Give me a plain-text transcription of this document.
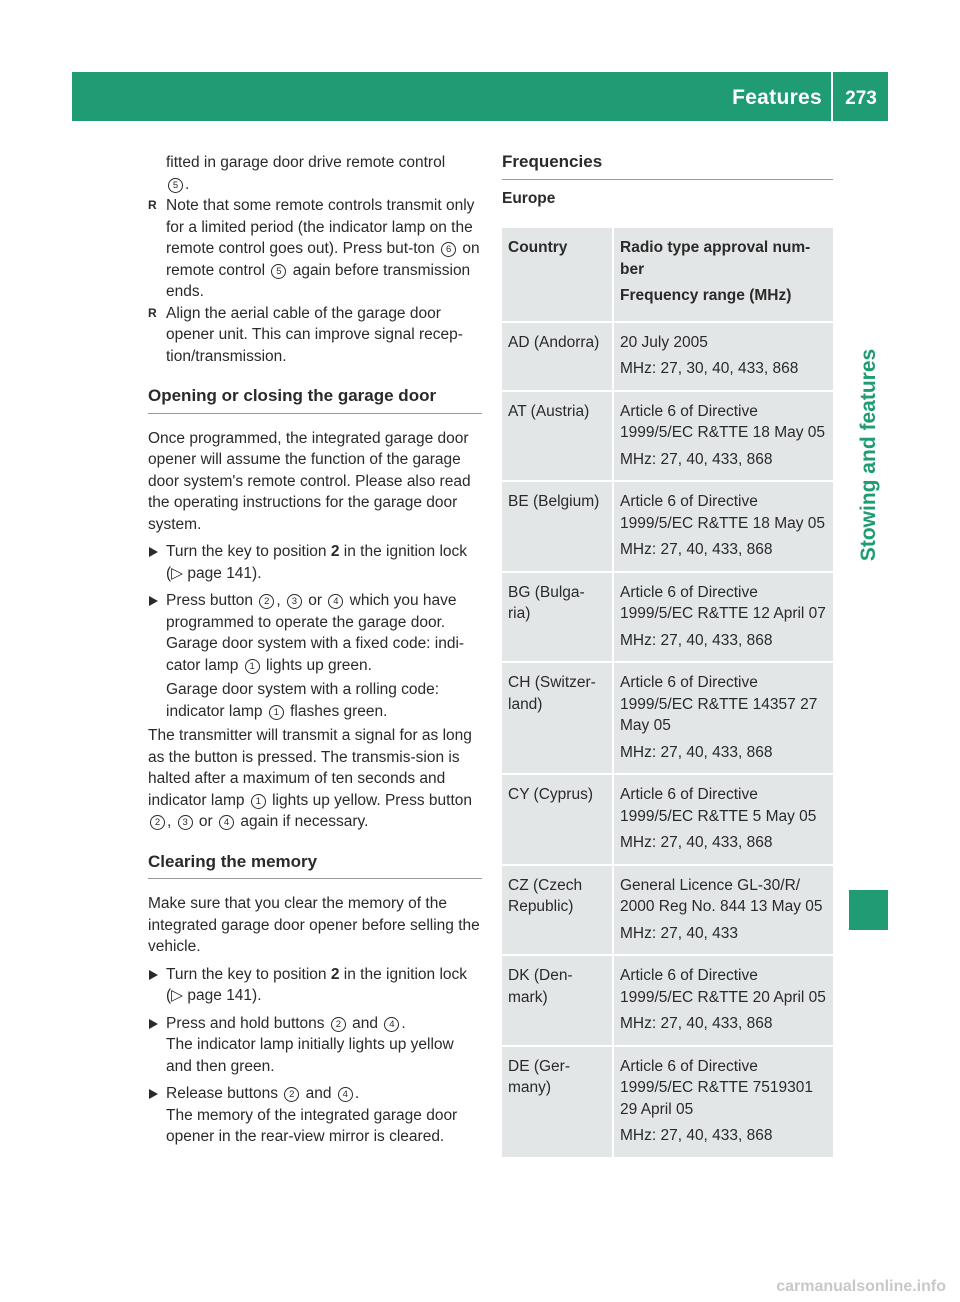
Features	273
Stowing and features

fitted in garage door drive remote control
5 .

R Note that some remote controls transmit only for a limited period (the indicator lamp on the remote control goes out). Press but-ton 6 on remote control 5 again before transmission ends.

R Align the aerial cable of the garage door opener unit. This can improve signal recep-tion/transmission.

Opening or closing the garage door

Once programmed, the integrated garage door opener will assume the function of the garage door system's remote control. Please also read the operating instructions for the garage door system.

Turn the key to position 2 in the ignition lock (▷ page 141).

Press button 2 , 3 or 4 which you have programmed to operate the garage door.

Garage door system with a fixed code: indi-cator lamp 1 lights up green.

Garage door system with a rolling code: indicator lamp 1 flashes green.

The transmitter will transmit a signal for as long as the button is pressed. The transmis-sion is halted after a maximum of ten seconds and indicator lamp 1 lights up yellow. Press button 2 , 3 or 4 again if necessary.

Clearing the memory

Make sure that you clear the memory of the integrated garage door opener before selling the vehicle.

Turn the key to position 2 in the ignition lock (▷ page 141).

Press and hold buttons 2 and 4 .
The indicator lamp initially lights up yellow and then green.

Release buttons 2 and 4 .
The memory of the integrated garage door opener in the rear-view mirror is cleared.

Frequencies
Europe
Country	Radio type approval num-ber
Frequency range (MHz)

AD (Andorra)	20 July 2005
MHz: 27, 30, 40, 433, 868

AT (Austria)	Article 6 of Directive 1999/5/EC R&TTE 18 May 05
MHz: 27, 40, 433, 868

BE (Belgium)	Article 6 of Directive 1999/5/EC R&TTE 18 May 05
MHz: 27, 40, 433, 868

BG (Bulga-ria)	Article 6 of Directive 1999/5/EC R&TTE 12 April 07
MHz: 27, 40, 433, 868

CH (Switzer-land)	Article 6 of Directive 1999/5/EC R&TTE 14357 27 May 05
MHz: 27, 40, 433, 868

CY (Cyprus)	Article 6 of Directive 1999/5/EC R&TTE 5 May 05
MHz: 27, 40, 433, 868

CZ (Czech Republic)	General Licence GL-30/R/ 2000 Reg No. 844 13 May 05
MHz: 27, 40, 433

DK (Den-mark)	Article 6 of Directive 1999/5/EC R&TTE 20 April 05
MHz: 27, 40, 433, 868

DE (Ger-many)	Article 6 of Directive 1999/5/EC R&TTE 7519301 29 April 05
MHz: 27, 40, 433, 868
carmanualsonline.info
